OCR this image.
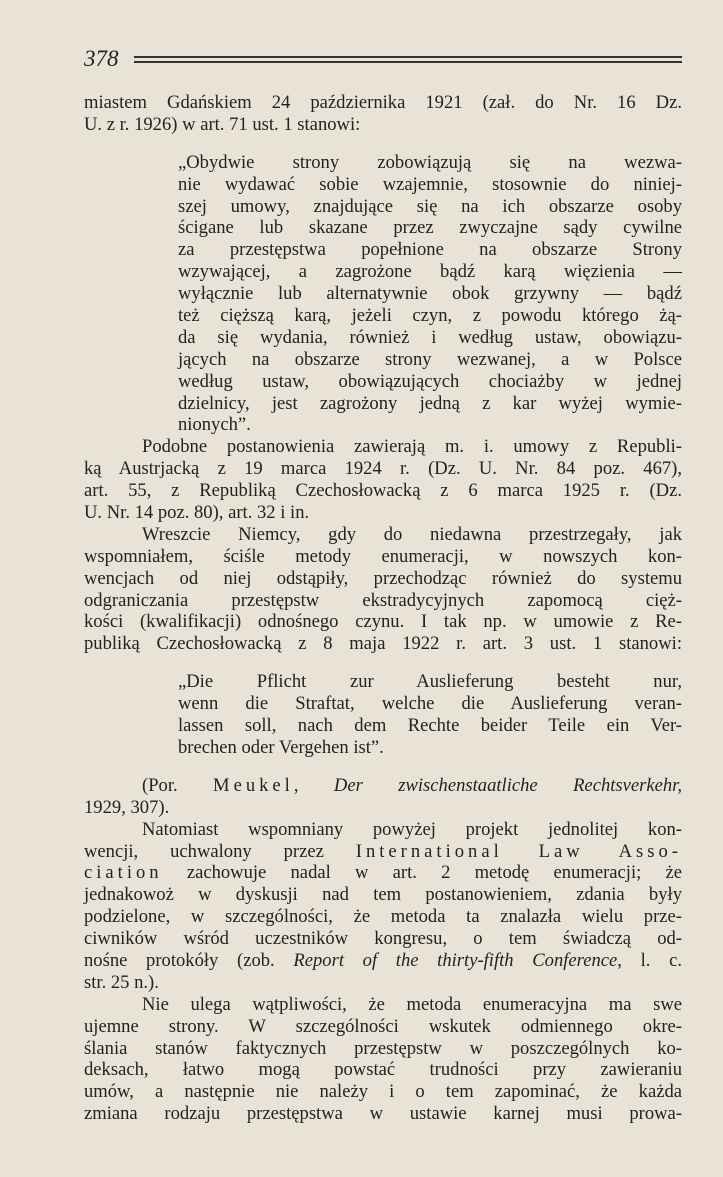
378
miastem Gdańskiem 24 października 1921 (zał. do Nr. 16 Dz.
U. z r. 1926) w art. 71 ust. 1 stanowi:
„Obydwie strony zobowiązują się na wezwa-
nie wydawać sobie wzajemnie, stosownie do niniej-
szej umowy, znajdujące się na ich obszarze osoby
ścigane lub skazane przez zwyczajne sądy cywilne
za przestępstwa popełnione na obszarze Strony
wzywającej, a zagrożone bądź karą więzienia —
wyłącznie lub alternatywnie obok grzywny — bądź
też cięższą karą, jeżeli czyn, z powodu którego żą-
da się wydania, również i według ustaw, obowiązu-
jących na obszarze strony wezwanej, a w Polsce
według ustaw, obowiązujących chociażby w jednej
dzielnicy, jest zagrożony jedną z kar wyżej wymie-
nionych”.
Podobne postanowienia zawierają m. i. umowy z Republi-
ką Austrjacką z 19 marca 1924 r. (Dz. U. Nr. 84 poz. 467),
art. 55, z Republiką Czechosłowacką z 6 marca 1925 r. (Dz.
U. Nr. 14 poz. 80), art. 32 i in.
Wreszcie Niemcy, gdy do niedawna przestrzegały, jak
wspomniałem, ściśle metody enumeracji, w nowszych kon-
wencjach od niej odstąpiły, przechodząc również do systemu
odgraniczania przestępstw ekstradycyjnych zapomocą cięż-
kości (kwalifikacji) odnośnego czynu. I tak np. w umowie z Re-
publiką Czechosłowacką z 8 maja 1922 r. art. 3 ust. 1 stanowi:
„Die Pflicht zur Auslieferung besteht nur,
wenn die Straftat, welche die Auslieferung veran-
lassen soll, nach dem Rechte beider Teile ein Ver-
brechen oder Vergehen ist”.
(Por. Meukel, Der zwischenstaatliche Rechtsverkehr,
1929, 307).
Natomiast wspomniany powyżej projekt jednolitej kon-
wencji, uchwalony przez International Law Asso-
ciation zachowuje nadal w art. 2 metodę enumeracji; że
jednakowoż w dyskusji nad tem postanowieniem, zdania były
podzielone, w szczególności, że metoda ta znalazła wielu prze-
ciwników wśród uczestników kongresu, o tem świadczą od-
nośne protokóły (zob. Report of the thirty-fifth Conference, l. c.
str. 25 n.).
Nie ulega wątpliwości, że metoda enumeracyjna ma swe
ujemne strony. W szczególności wskutek odmiennego okre-
ślania stanów faktycznych przestępstw w poszczególnych ko-
deksach, łatwo mogą powstać trudności przy zawieraniu
umów, a następnie nie należy i o tem zapominać, że każda
zmiana rodzaju przestępstwa w ustawie karnej musi prowa-
